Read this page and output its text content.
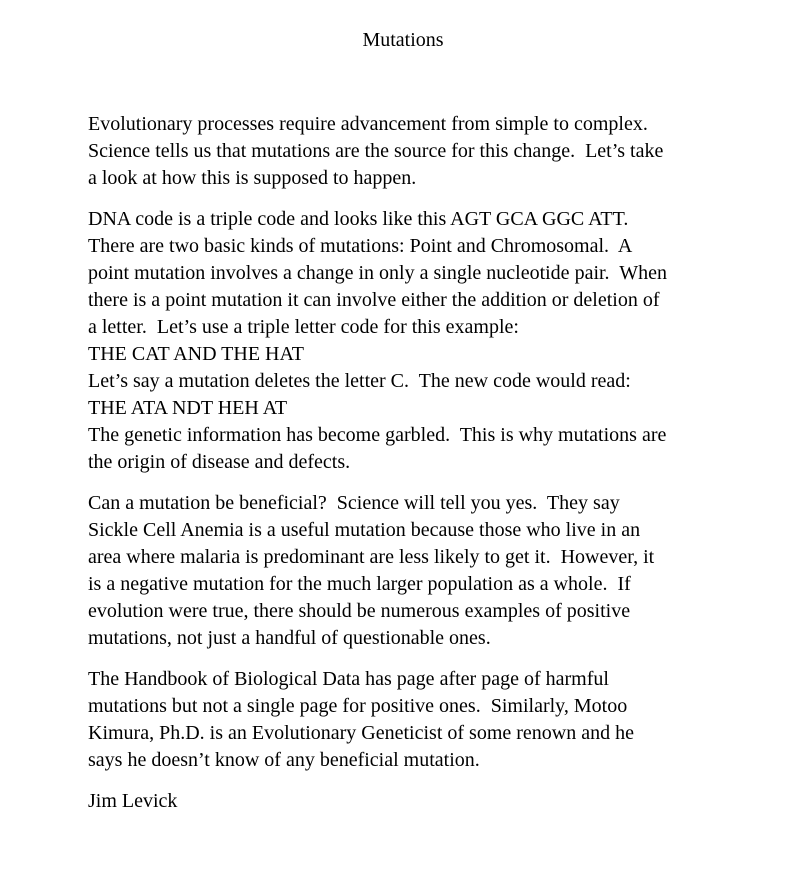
Mutations
Evolutionary processes require advancement from simple to complex.
Science tells us that mutations are the source for this change.  Let’s take
a look at how this is supposed to happen.
DNA code is a triple code and looks like this AGT GCA GGC ATT.
There are two basic kinds of mutations: Point and Chromosomal.  A
point mutation involves a change in only a single nucleotide pair.  When
there is a point mutation it can involve either the addition or deletion of
a letter.  Let’s use a triple letter code for this example:
THE CAT AND THE HAT
Let’s say a mutation deletes the letter C.  The new code would read:
THE ATA NDT HEH AT
The genetic information has become garbled.  This is why mutations are
the origin of disease and defects.
Can a mutation be beneficial?  Science will tell you yes.  They say
Sickle Cell Anemia is a useful mutation because those who live in an
area where malaria is predominant are less likely to get it.  However, it
is a negative mutation for the much larger population as a whole.  If
evolution were true, there should be numerous examples of positive
mutations, not just a handful of questionable ones.
The Handbook of Biological Data has page after page of harmful
mutations but not a single page for positive ones.  Similarly, Motoo
Kimura, Ph.D. is an Evolutionary Geneticist of some renown and he
says he doesn’t know of any beneficial mutation.
Jim Levick
